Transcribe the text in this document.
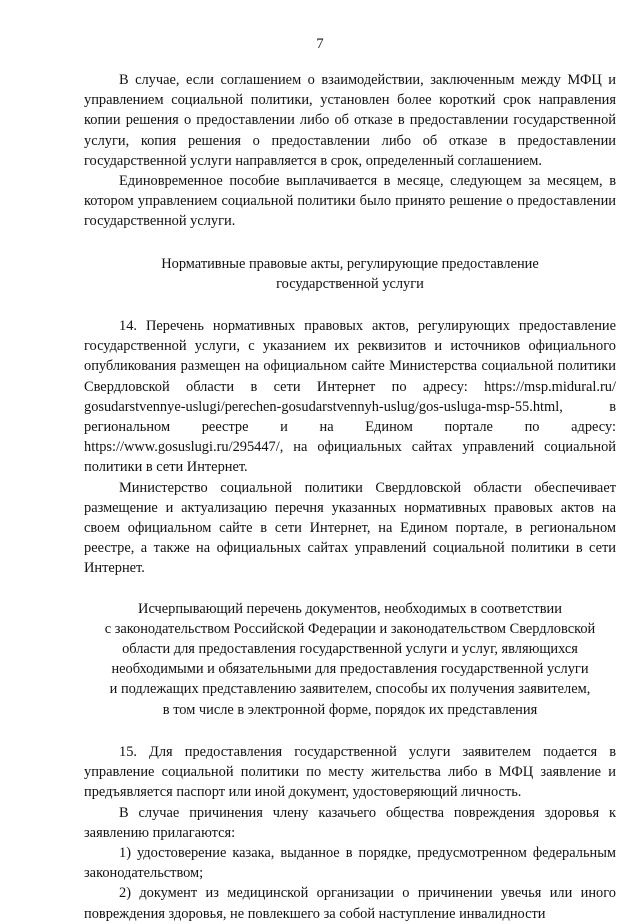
7

В случае, если соглашением о взаимодействии, заключенным между МФЦ и управлением социальной политики, установлен более короткий срок направления копии решения о предоставлении либо об отказе в предоставлении государственной услуги, копия решения о предоставлении либо об отказе в предоставлении государственной услуги направляется в срок, определенный соглашением.

Единовременное пособие выплачивается в месяце, следующем за месяцем, в котором управлением социальной политики было принято решение о предоставлении государственной услуги.

Нормативные правовые акты, регулирующие предоставление
государственной услуги

14. Перечень нормативных правовых актов, регулирующих предоставление государственной услуги, с указанием их реквизитов и источников официального опубликования размещен на официальном сайте Министерства социальной политики Свердловской области в сети Интернет по адресу: https://msp.midural.ru/ gosudarstvennye-uslugi/perechen-gosudarstvennyh-uslug/gos-usluga-msp-55.html, в региональном реестре и на Едином портале по адресу: https://www.gosuslugi.ru/295447/, на официальных сайтах управлений социальной политики в сети Интернет.

Министерство социальной политики Свердловской области обеспечивает размещение и актуализацию перечня указанных нормативных правовых актов на своем официальном сайте в сети Интернет, на Едином портале, в региональном реестре, а также на официальных сайтах управлений социальной политики в сети Интернет.

Исчерпывающий перечень документов, необходимых в соответствии
с законодательством Российской Федерации и законодательством Свердловской
области для предоставления государственной услуги и услуг, являющихся
необходимыми и обязательными для предоставления государственной услуги
и подлежащих представлению заявителем, способы их получения заявителем,
в том числе в электронной форме, порядок их представления

15. Для предоставления государственной услуги заявителем подается в управление социальной политики по месту жительства либо в МФЦ заявление и предъявляется паспорт или иной документ, удостоверяющий личность.

В случае причинения члену казачьего общества повреждения здоровья к заявлению прилагаются:

1) удостоверение казака, выданное в порядке, предусмотренном федеральным законодательством;

2) документ из медицинской организации о причинении увечья или иного повреждения здоровья, не повлекшего за собой наступление инвалидности
